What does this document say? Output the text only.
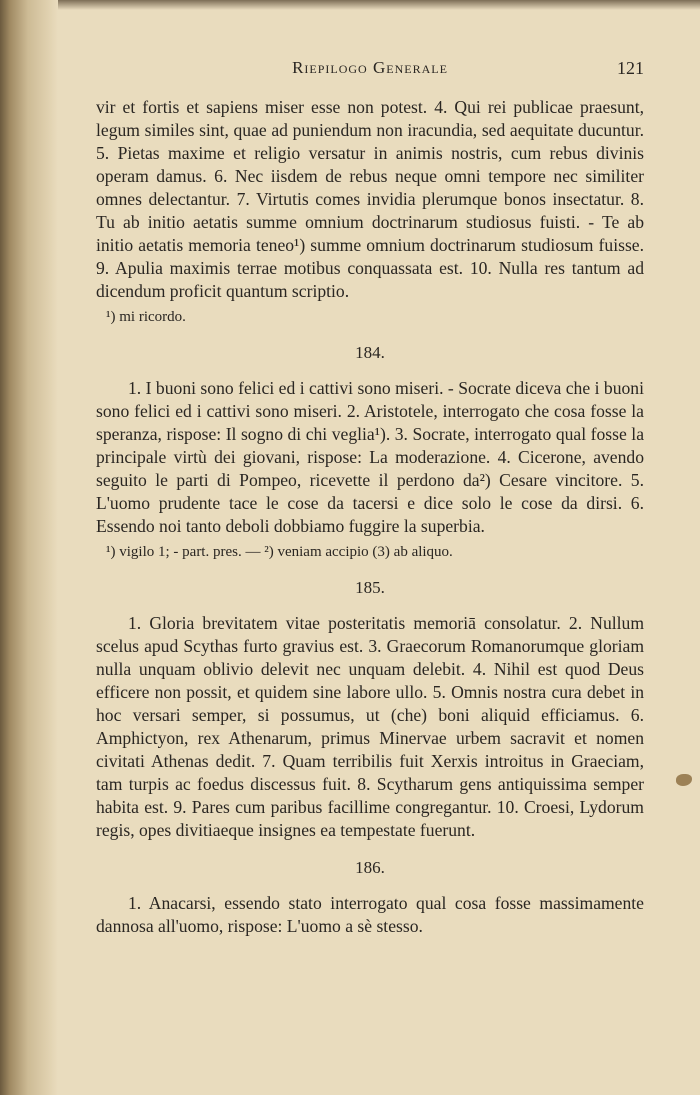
Riepilogo Generale	121

vir et fortis et sapiens miser esse non potest. 4. Qui rei publicae praesunt, legum similes sint, quae ad puniendum non iracundia, sed aequitate ducuntur. 5. Pietas maxime et religio versatur in animis nostris, cum rebus divinis operam damus. 6. Nec iisdem de rebus neque omni tempore nec similiter omnes delectantur. 7. Virtutis comes invidia plerumque bonos insectatur. 8. Tu ab initio aetatis summe omnium doctrinarum studiosus fuisti. - Te ab initio aetatis memoria teneo¹) summe omnium doctrinarum studiosum fuisse. 9. Apulia maximis terrae motibus conquassata est. 10. Nulla res tantum ad dicendum proficit quantum scriptio.

¹) mi ricordo.

184.

1. I buoni sono felici ed i cattivi sono miseri. - Socrate diceva che i buoni sono felici ed i cattivi sono miseri. 2. Aristotele, interrogato che cosa fosse la speranza, rispose: Il sogno di chi veglia¹). 3. Socrate, interrogato qual fosse la principale virtù dei giovani, rispose: La moderazione. 4. Cicerone, avendo seguito le parti di Pompeo, ricevette il perdono da²) Cesare vincitore. 5. L'uomo prudente tace le cose da tacersi e dice solo le cose da dirsi. 6. Essendo noi tanto deboli dobbiamo fuggire la superbia.

¹) vigilo 1; - part. pres. — ²) veniam accipio (3) ab aliquo.

185.

1. Gloria brevitatem vitae posteritatis memoriā consolatur. 2. Nullum scelus apud Scythas furto gravius est. 3. Graecorum Romanorumque gloriam nulla unquam oblivio delevit nec unquam delebit. 4. Nihil est quod Deus efficere non possit, et quidem sine labore ullo. 5. Omnis nostra cura debet in hoc versari semper, si possumus, ut (che) boni aliquid efficiamus. 6. Amphictyon, rex Athenarum, primus Minervae urbem sacravit et nomen civitati Athenas dedit. 7. Quam terribilis fuit Xerxis introitus in Graeciam, tam turpis ac foedus discessus fuit. 8. Scytharum gens antiquissima semper habita est. 9. Pares cum paribus facillime congregantur. 10. Croesi, Lydorum regis, opes divitiaeque insignes ea tempestate fuerunt.

186.

1. Anacarsi, essendo stato interrogato qual cosa fosse massimamente dannosa all'uomo, rispose: L'uomo a sè stesso.
